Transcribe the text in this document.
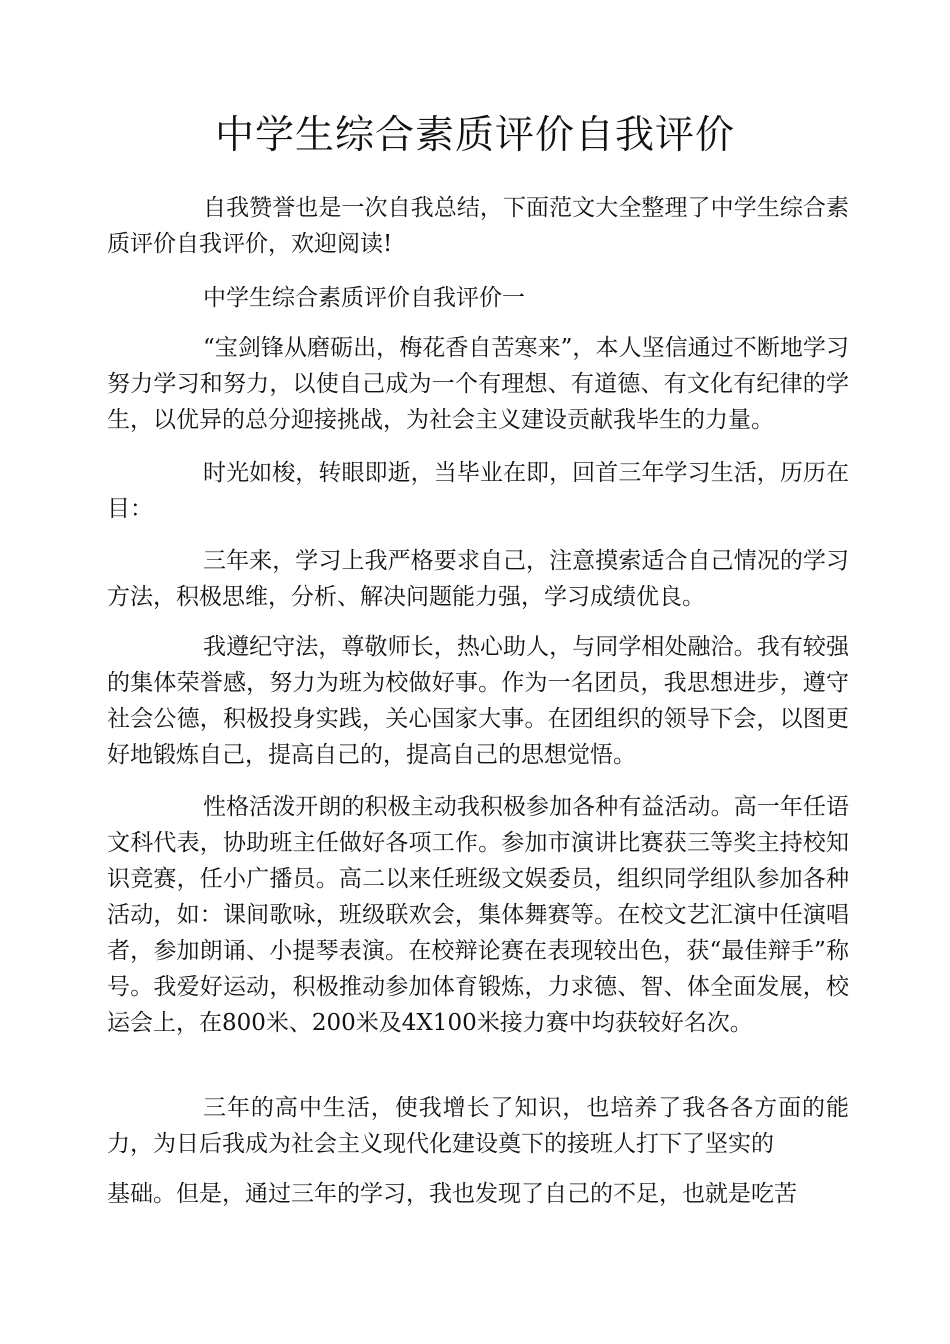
中学生综合素质评价自我评价

自我赞誉也是一次自我总结，下面范文大全整理了中学生综合素质评价自我评价，欢迎阅读!

中学生综合素质评价自我评价一

“宝剑锋从磨砺出，梅花香自苦寒来”，本人坚信通过不断地学习努力学习和努力，以使自己成为一个有理想、有道德、有文化有纪律的学生，以优异的总分迎接挑战，为社会主义建设贡献我毕生的力量。

时光如梭，转眼即逝，当毕业在即，回首三年学习生活，历历在目：

三年来，学习上我严格要求自己，注意摸索适合自己情况的学习方法，积极思维，分析、解决问题能力强，学习成绩优良。

我遵纪守法，尊敬师长，热心助人，与同学相处融洽。我有较强的集体荣誉感，努力为班为校做好事。作为一名团员，我思想进步，遵守社会公德，积极投身实践，关心国家大事。在团组织的领导下会，以图更好地锻炼自己，提高自己的，提高自己的思想觉悟。

性格活泼开朗的积极主动我积极参加各种有益活动。高一年任语文科代表，协助班主任做好各项工作。参加市演讲比赛获三等奖主持校知识竞赛，任小广播员。高二以来任班级文娱委员，组织同学组队参加各种活动，如：课间歌咏，班级联欢会，集体舞赛等。在校文艺汇演中任演唱者，参加朗诵、小提琴表演。在校辩论赛在表现较出色，获“最佳辩手”称号。我爱好运动，积极推动参加体育锻炼，力求德、智、体全面发展，校运会上，在800米、200米及4X100米接力赛中均获较好名次。

三年的高中生活，使我增长了知识，也培养了我各各方面的能力，为日后我成为社会主义现代化建设奠下的接班人打下了坚实的

基础。但是，通过三年的学习，我也发现了自己的不足，也就是吃苦
